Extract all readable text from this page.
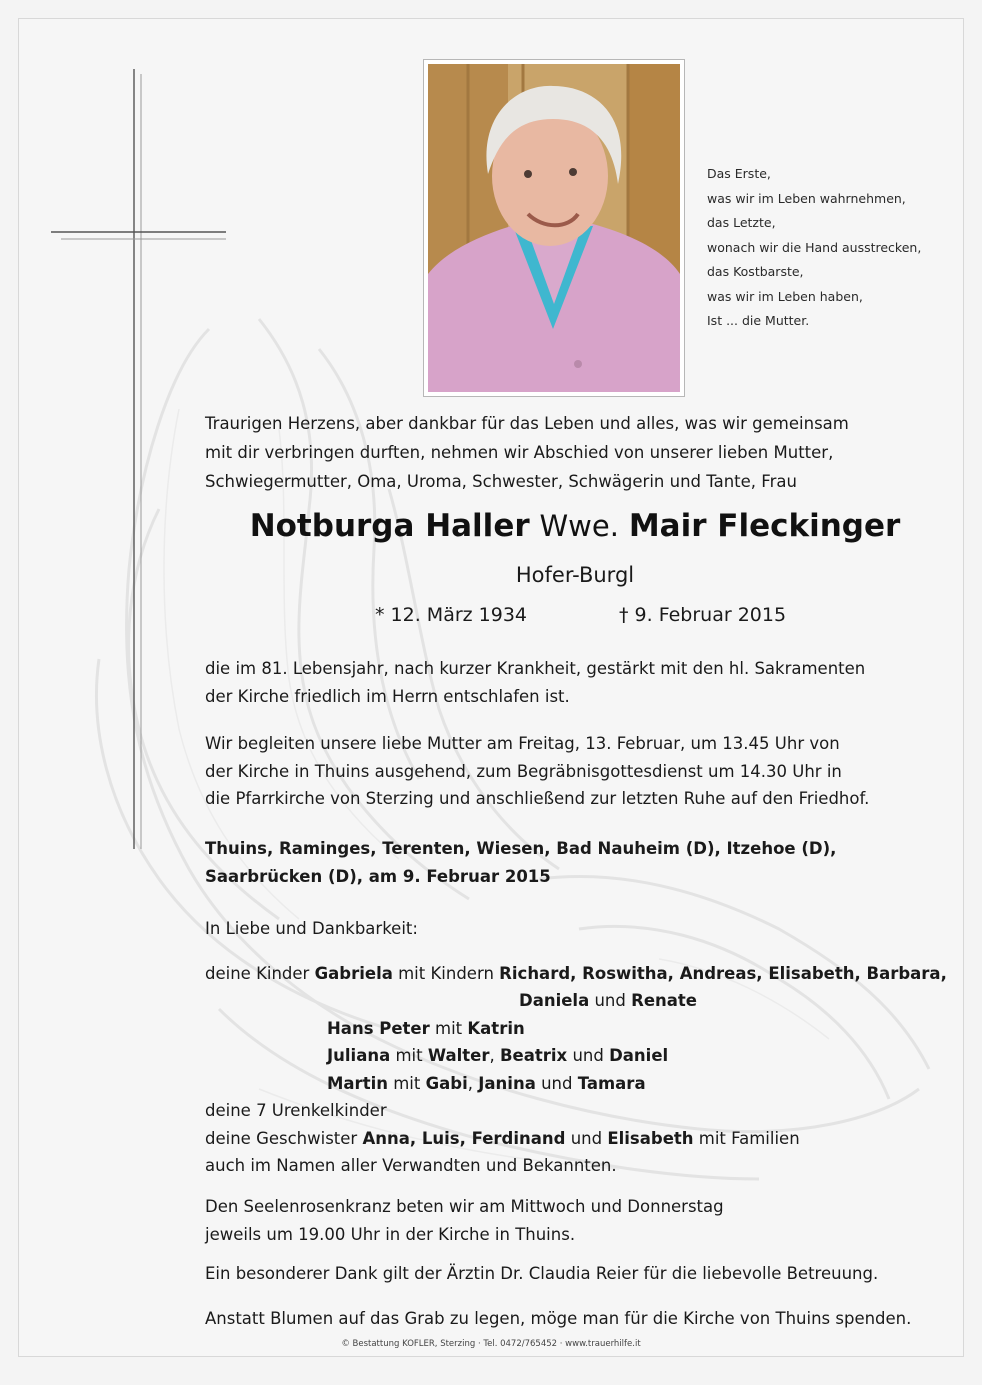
Das Erste,
was wir im Leben wahrnehmen,
das Letzte,
wonach wir die Hand ausstrecken,
das Kostbarste,
was wir im Leben haben,
Ist ... die Mutter.
Traurigen Herzens, aber dankbar für das Leben und alles, was wir gemeinsam
mit dir verbringen durften, nehmen wir Abschied von unserer lieben Mutter,
Schwiegermutter, Oma, Uroma, Schwester, Schwägerin und Tante, Frau
Notburga Haller Wwe. Mair Fleckinger
Hofer-Burgl
* 12. März 1934	† 9. Februar 2015
die im 81. Lebensjahr, nach kurzer Krankheit, gestärkt mit den hl. Sakramenten
der Kirche friedlich im Herrn entschlafen ist.
Wir begleiten unsere liebe Mutter am Freitag, 13. Februar, um 13.45 Uhr von
der Kirche in Thuins ausgehend, zum Begräbnisgottesdienst um 14.30 Uhr in
die Pfarrkirche von Sterzing und anschließend zur letzten Ruhe auf den Friedhof.
Thuins, Raminges, Terenten, Wiesen, Bad Nauheim (D), Itzehoe (D),
Saarbrücken (D), am 9. Februar 2015
In Liebe und Dankbarkeit:
deine Kinder Gabriela mit Kindern Richard, Roswitha, Andreas, Elisabeth, Barbara,
Daniela und Renate
Hans Peter mit Katrin
Juliana mit Walter, Beatrix und Daniel
Martin mit Gabi, Janina und Tamara
deine 7 Urenkelkinder
deine Geschwister Anna, Luis, Ferdinand und Elisabeth mit Familien
auch im Namen aller Verwandten und Bekannten.
Den Seelenrosenkranz beten wir am Mittwoch und Donnerstag
jeweils um 19.00 Uhr in der Kirche in Thuins.
Ein besonderer Dank gilt der Ärztin Dr. Claudia Reier für die liebevolle Betreuung.
Anstatt Blumen auf das Grab zu legen, möge man für die Kirche von Thuins spenden.
© Bestattung KOFLER, Sterzing · Tel. 0472/765452 · www.trauerhilfe.it
